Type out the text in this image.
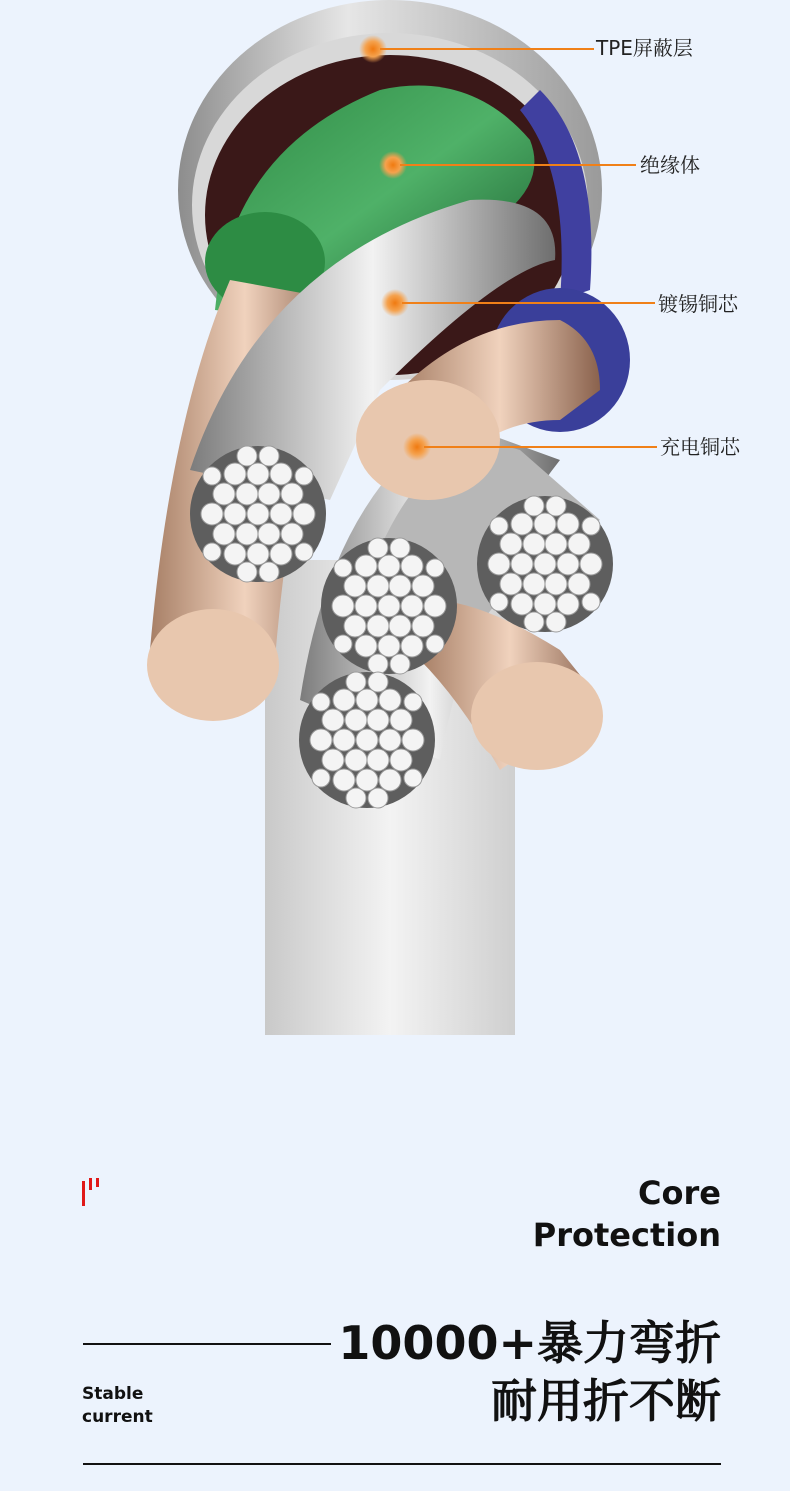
TPE屏蔽层
绝缘体
镀锡铜芯
充电铜芯
Core
Protection
10000+暴力弯折
耐用折不断
Stable
current
